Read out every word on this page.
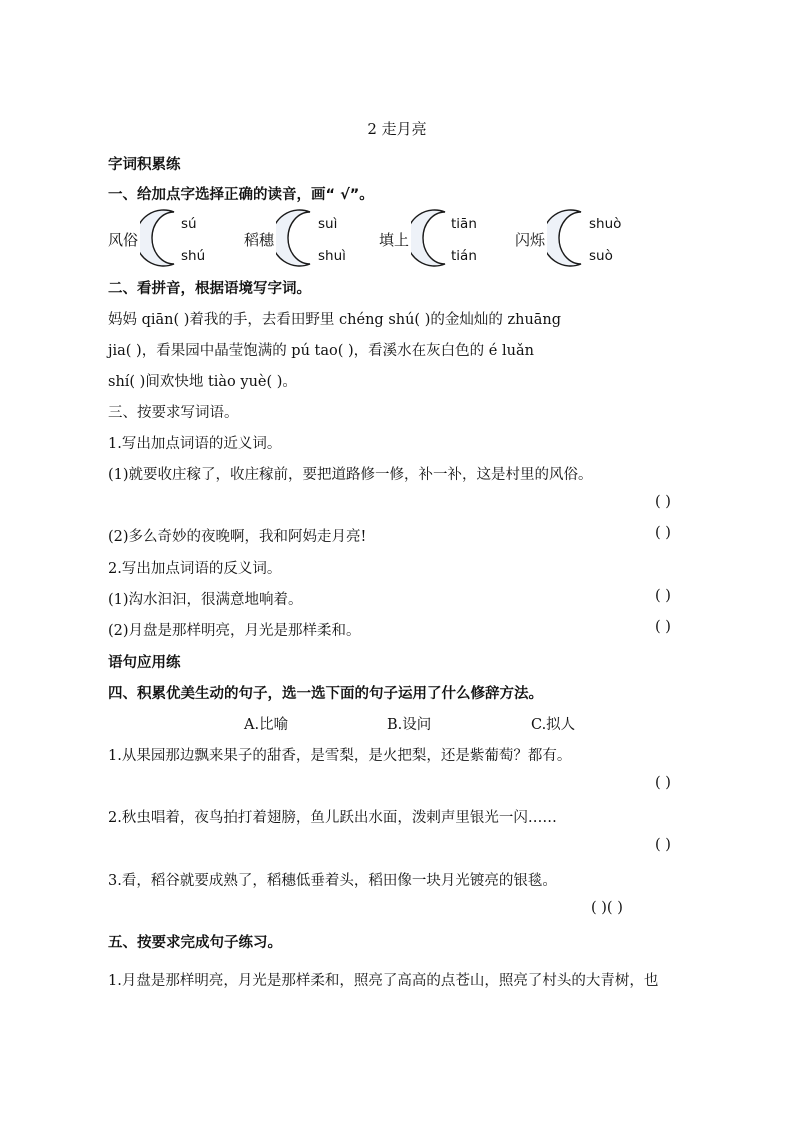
2 走月亮
字词积累练
一、给加点字选择正确的读音，画“ √”。
风俗
sú
shú
稻穗
suì
shuì
填上
tiān
tián
闪烁
shuò
suò
二、看拼音，根据语境写字词。
妈妈 qiān( )着我的手，去看田野里 chéng shú( )的金灿灿的 zhuāng
jia( )，看果园中晶莹饱满的 pú tao( )，看溪水在灰白色的 é luǎn
shí( )间欢快地 tiào yuè( )。
三、按要求写词语。
1.写出加点词语的近义词。
(1)就要收庄稼了，收庄稼前，要把道路修一修，补一补，这是村里的风俗。
( )
(2)多么奇妙的夜晚啊，我和阿妈走月亮!	( )
2.写出加点词语的反义词。
(1)沟水汩汩，很满意地响着。	( )
(2)月盘是那样明亮，月光是那样柔和。	( )
语句应用练
四、积累优美生动的句子，选一选下面的句子运用了什么修辞方法。
A.比喻	B.设问	C.拟人
1.从果园那边飘来果子的甜香，是雪梨，是火把梨，还是紫葡萄？都有。
( )
2.秋虫唱着，夜鸟拍打着翅膀，鱼儿跃出水面，泼剌声里银光一闪……
( )
3.看，稻谷就要成熟了，稻穗低垂着头，稻田像一块月光镀亮的银毯。
( )( )
五、按要求完成句子练习。
1.月盘是那样明亮，月光是那样柔和，照亮了高高的点苍山，照亮了村头的大青树，也
